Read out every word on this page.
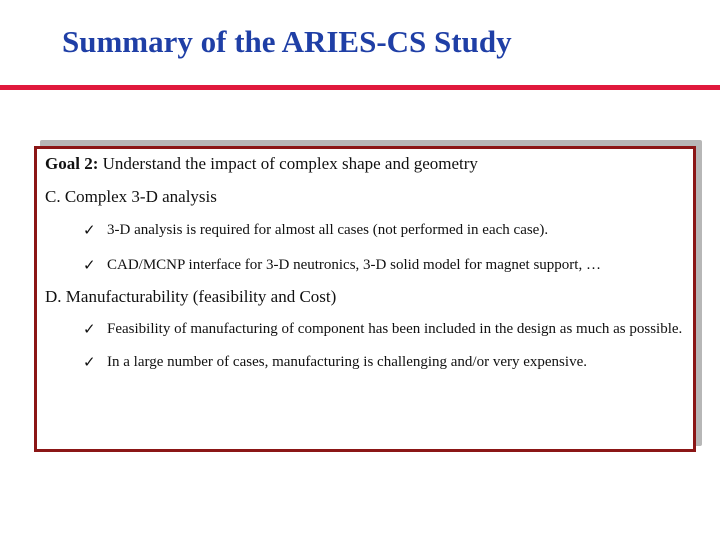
Summary of the ARIES-CS Study

Goal 2: Understand the impact of complex shape and geometry

C. Complex 3-D analysis

✓ 3-D analysis is required for almost all cases (not performed in each case).
✓ CAD/MCNP interface for 3-D neutronics, 3-D solid model for magnet support, …

D. Manufacturability (feasibility and Cost)

✓ Feasibility of manufacturing of component has been included in the design as much as possible.
✓ In a large number of cases, manufacturing is challenging and/or very expensive.
